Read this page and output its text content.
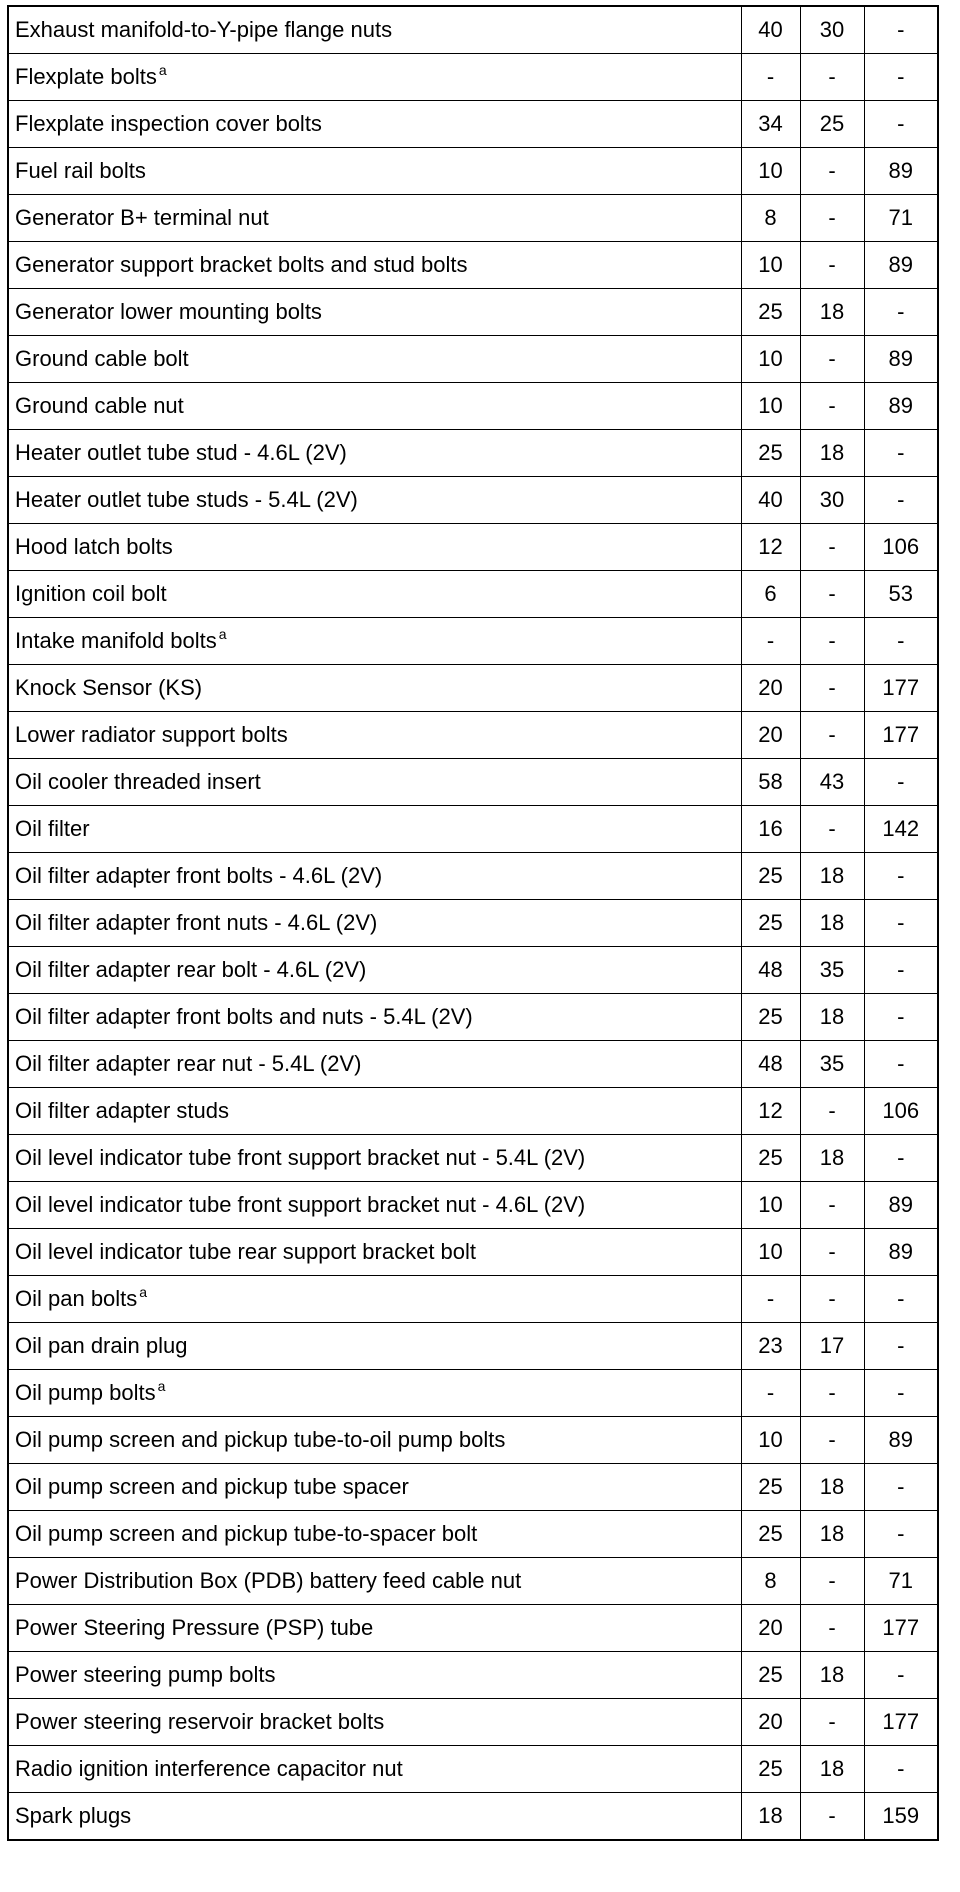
Exhaust manifold-to-Y-pipe flange nuts	40	30	-
Flexplate bolts $^a$	-	-	-
Flexplate inspection cover bolts	34	25	-
Fuel rail bolts	10	-	89
Generator B+ terminal nut	8	-	71
Generator support bracket bolts and stud bolts	10	-	89
Generator lower mounting bolts	25	18	-
Ground cable bolt	10	-	89
Ground cable nut	10	-	89
Heater outlet tube stud - 4.6L (2V)	25	18	-
Heater outlet tube studs - 5.4L (2V)	40	30	-
Hood latch bolts	12	-	106
Ignition coil bolt	6	-	53
Intake manifold bolts $^a$	-	-	-
Knock Sensor (KS)	20	-	177
Lower radiator support bolts	20	-	177
Oil cooler threaded insert	58	43	-
Oil filter	16	-	142
Oil filter adapter front bolts - 4.6L (2V)	25	18	-
Oil filter adapter front nuts - 4.6L (2V)	25	18	-
Oil filter adapter rear bolt - 4.6L (2V)	48	35	-
Oil filter adapter front bolts and nuts - 5.4L (2V)	25	18	-
Oil filter adapter rear nut - 5.4L (2V)	48	35	-
Oil filter adapter studs	12	-	106
Oil level indicator tube front support bracket nut - 5.4L (2V)	25	18	-
Oil level indicator tube front support bracket nut - 4.6L (2V)	10	-	89
Oil level indicator tube rear support bracket bolt	10	-	89
Oil pan bolts $^a$	-	-	-
Oil pan drain plug	23	17	-
Oil pump bolts $^a$	-	-	-
Oil pump screen and pickup tube-to-oil pump bolts	10	-	89
Oil pump screen and pickup tube spacer	25	18	-
Oil pump screen and pickup tube-to-spacer bolt	25	18	-
Power Distribution Box (PDB) battery feed cable nut	8	-	71
Power Steering Pressure (PSP) tube	20	-	177
Power steering pump bolts	25	18	-
Power steering reservoir bracket bolts	20	-	177
Radio ignition interference capacitor nut	25	18	-
Spark plugs	18	-	159
